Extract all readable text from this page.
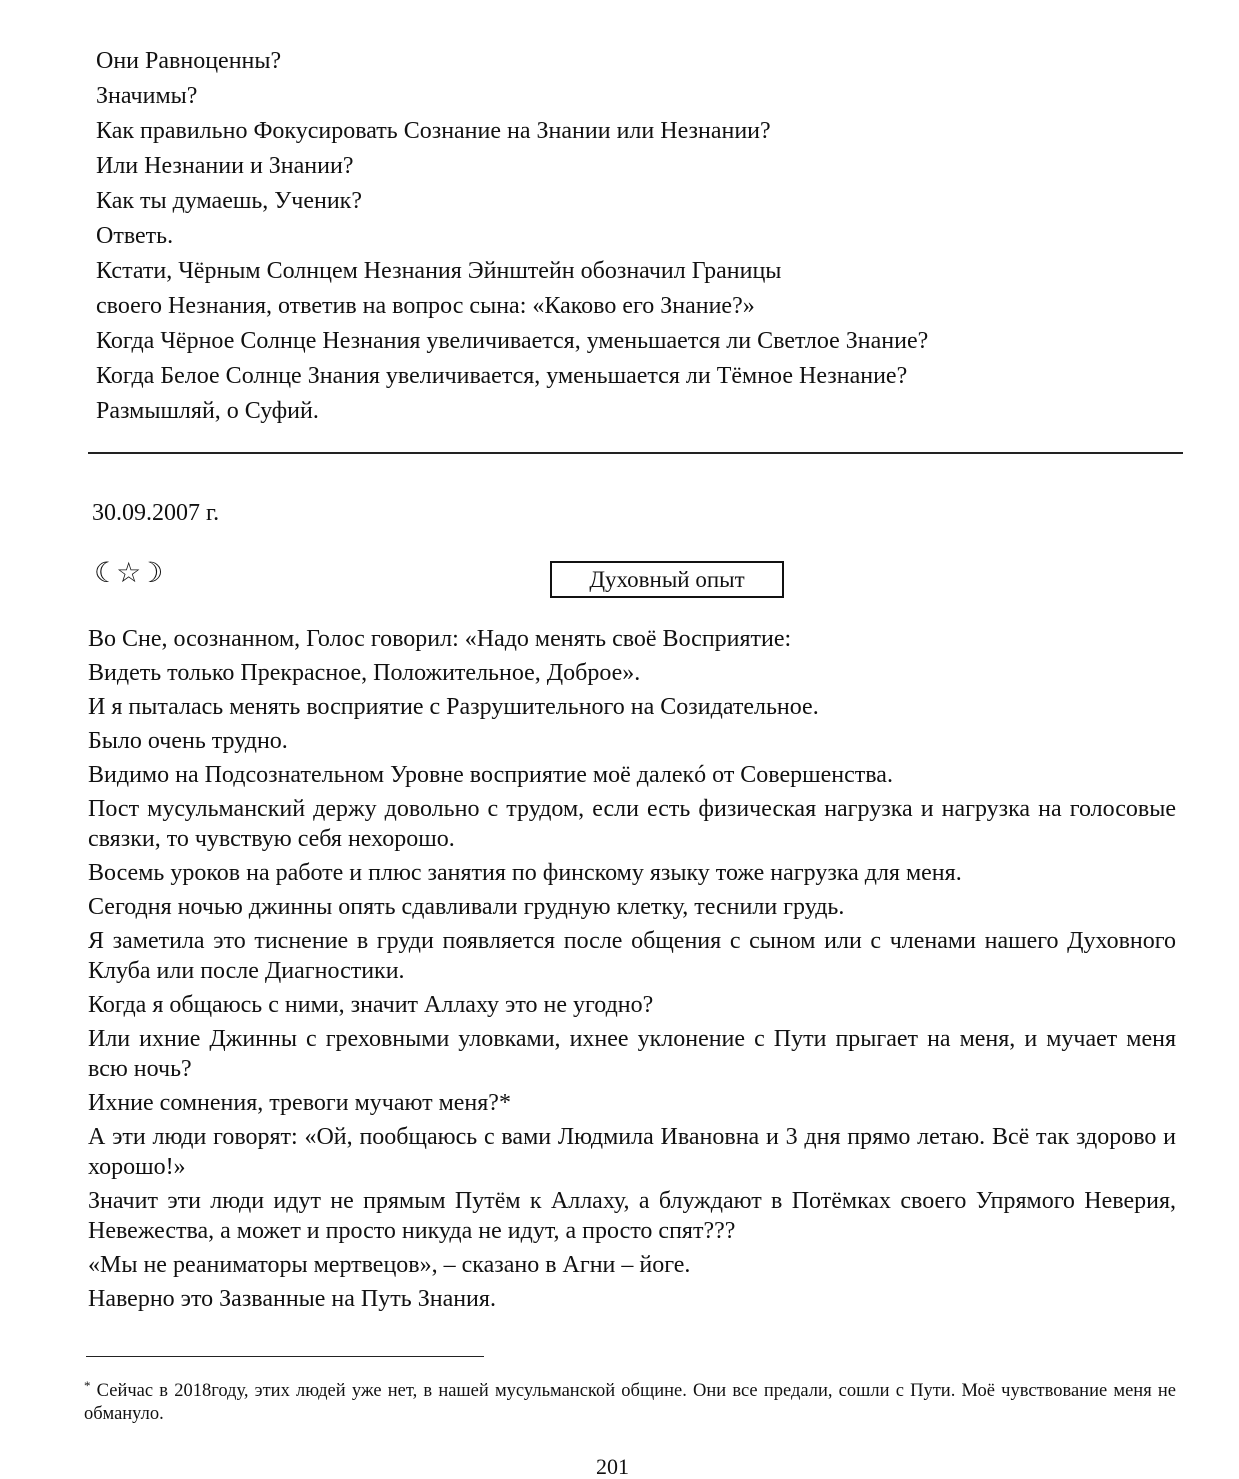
Они Равноценны?
Значимы?
Как правильно Фокусировать Сознание на Знании или Незнании?
Или Незнании и Знании?
Как ты думаешь, Ученик?
Ответь.
Кстати, Чёрным Солнцем Незнания Эйнштейн обозначил Границы
своего Незнания, ответив на вопрос сына: «Каково его Знание?»
Когда Чёрное Солнце Незнания увеличивается, уменьшается ли Светлое Знание?
Когда Белое Солнце Знания увеличивается, уменьшается ли Тёмное Незнание?
Размышляй, о Суфий.
30.09.2007 г.
☾☆☽	Духовный опыт

Во Сне, осознанном, Голос говорил: «Надо менять своё Восприятие:

Видеть только Прекрасное, Положительное, Доброе».

И я пыталась менять восприятие с Разрушительного на Созидательное.

Было очень трудно.

Видимо на Подсознательном Уровне восприятие моё далекó от Совершенства.

Пост мусульманский держу довольно с трудом, если есть физическая нагрузка и нагрузка на голосовые связки, то чувствую себя нехорошо.

Восемь уроков на работе и плюс занятия по финскому языку тоже нагрузка для меня.

Сегодня ночью джинны опять сдавливали грудную клетку, теснили грудь.

Я заметила это тиснение в груди появляется после общения с сыном или с членами нашего Духовного Клуба или после Диагностики.

Когда я общаюсь с ними, значит Аллаху это не угодно?

Или ихние Джинны с греховными уловками, ихнее уклонение с Пути прыгает на меня, и мучает меня всю ночь?

Ихние сомнения, тревоги мучают меня?*

А эти люди говорят: «Ой, пообщаюсь с вами Людмила Ивановна и 3 дня прямо летаю. Всё так здорово и хорошо!»

Значит эти люди идут не прямым Путём к Аллаху, а блуждают в Потёмках своего Упрямого Неверия, Невежества, а может и просто никуда не идут, а просто спят???

«Мы не реаниматоры мертвецов», – сказано в Агни – йоге.

Наверно это Зазванные на Путь Знания.

* Сейчас в 2018году, этих людей уже нет, в нашей мусульманской общине. Они все предали, сошли с Пути. Моё чувствование меня не обмануло.
201
